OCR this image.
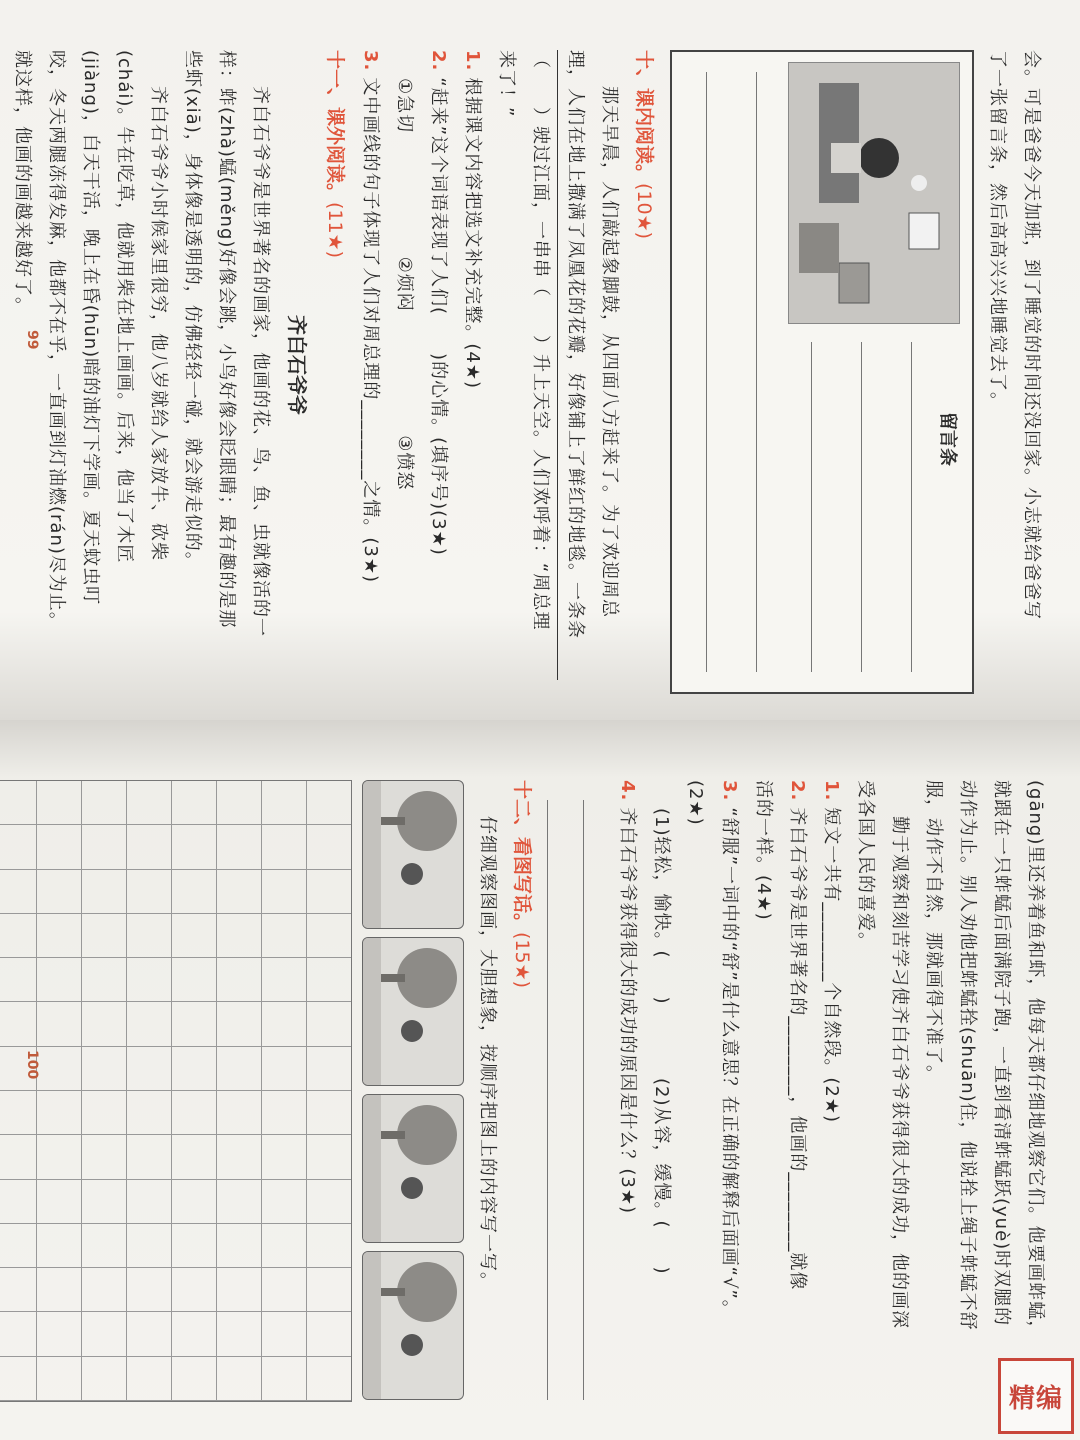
会。可是爸爸今天加班，到了睡觉的时间还没回家。小志就给爸爸写
了一张留言条，然后高高兴兴地睡觉去了。
留言条
十、课内阅读。(10★)
那天早晨，人们敲起象脚鼓，从四面八方赶来了。为了欢迎周总
理，人们在地上撒满了凤凰花的花瓣，好像铺上了鲜红的地毯。一条条
（　　）驶过江面，一串串（　　）升上天空。人们欢呼着：“周总理
来了！”
1.根据课文内容把选文补充完整。(4★)
2.“赶来”这个词语表现了人们(　　)的心情。(填序号)(3★)
①急切  ②烦闷  ③愤怒
3.文中画线的句子体现了人们对周总理的________之情。(3★)
十一、课外阅读。(11★)
齐白石爷爷
齐白石爷爷是世界著名的画家，他画的花、鸟、鱼、虫就像活的一
样：蚱(zhà)蜢(měng)好像会跳，小鸟好像会眨眼睛；最有趣的是那
些虾(xiā)，身体像是透明的，仿佛轻轻一碰，就会游走似的。
齐白石爷爷小时候家里很穷，他八岁就给人家放牛、砍柴
(chái)。牛在吃草，他就用柴在地上画画。后来，他当了木匠
(jiàng)，白天干活，晚上在昏(hūn)暗的油灯下学画。夏天蚊虫叮
咬，冬天两腿冻得发麻，他都不在乎，一直画到灯油燃(rán)尽为止。
就这样，他画的画越来越好了。
99
(gāng)里还养着鱼和虾，他每天都仔细地观察它们。他要画蚱蜢，
就跟在一只蚱蜢后面满院子跑，一直到看清蚱蜢跃(yuè)时双腿的
动作为止。别人劝他把蚱蜢拴(shuān)住，他说拴上绳子蚱蜢不舒
服，动作不自然，那就画得不准了。
勤于观察和刻苦学习使齐白石爷爷获得很大的成功，他的画深
受各国人民的喜爱。
1.短文一共有________个自然段。(2★)
2.齐白石爷爷是世界著名的________，他画的________就像
活的一样。(4★)
3.“舒服”一词中的“舒”是什么意思？在正确的解释后面画“√”。
(2★)
(1)轻松，愉快。(　　)  (2)从容，缓慢。(　　)
4.齐白石爷爷获得很大的成功的原因是什么？(3★)
十二、看图写话。(15★)
仔细观察图画，大胆想象，按顺序把图上的内容写一写。
100
精编
